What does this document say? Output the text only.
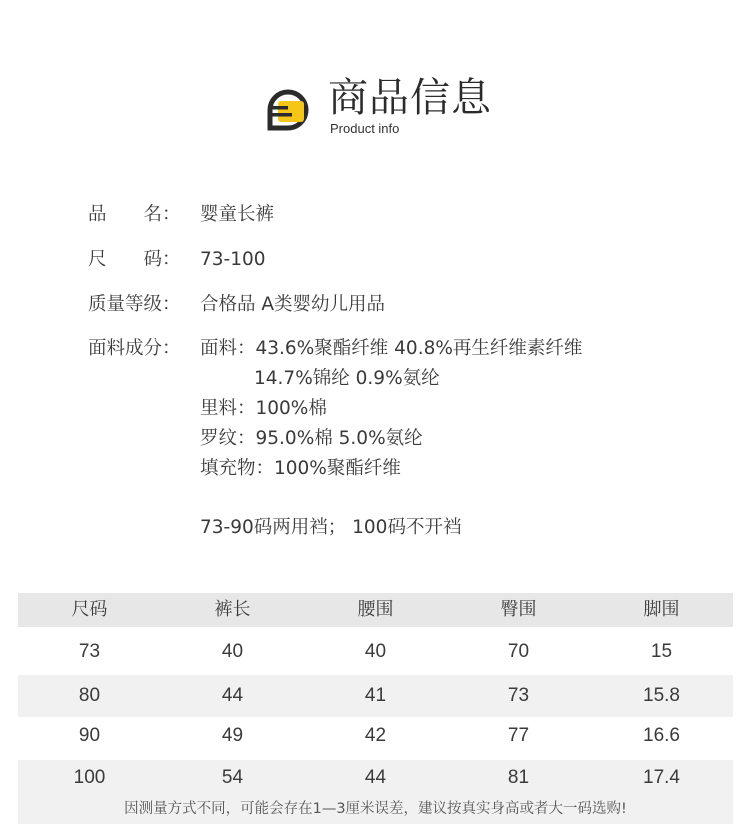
商品信息
Product info
品　　名： 婴童长裤
尺　　码： 73-100
质量等级： 合格品 A类婴幼儿用品
面料成分： 面料：43.6%聚酯纤维 40.8%再生纤维素纤维
14.7%锦纶 0.9%氨纶
里料：100%棉
罗纹：95.0%棉 5.0%氨纶
填充物：100%聚酯纤维
73-90码两用裆； 100码不开裆
尺码	裤长	腰围	臀围	脚围
73	40	40	70	15
80	44	41	73	15.8
90	49	42	77	16.6
100	54	44	81	17.4
因测量方式不同，可能会存在1—3厘米误差，建议按真实身高或者大一码选购!
